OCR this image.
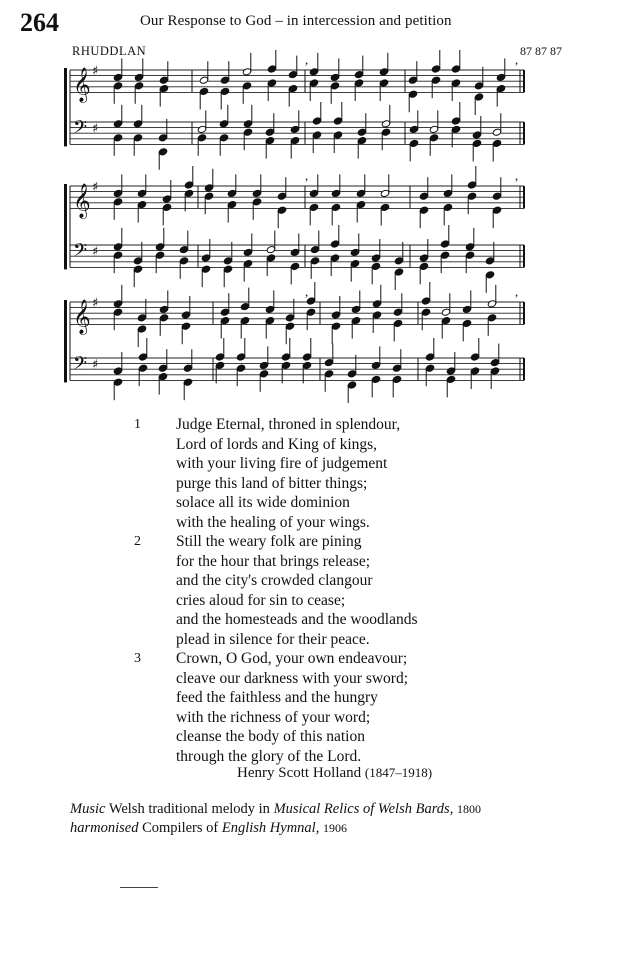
264	Our Response to God – in intercession and petition
RHUDDLAN	87 87 87
𝄞 ♯
𝄢 ♯
,	,
𝄞 ♯
𝄢 ♯
,	,
𝄞 ♯
𝄢 ♯
,	,
1 Judge Eternal, throned in splendour,
Lord of lords and King of kings,
with your living fire of judgement
purge this land of bitter things;
solace all its wide dominion
with the healing of your wings.
2 Still the weary folk are pining
for the hour that brings release;
and the city's crowded clangour
cries aloud for sin to cease;
and the homesteads and the woodlands
plead in silence for their peace.
3 Crown, O God, your own endeavour;
cleave our darkness with your sword;
feed the faithless and the hungry
with the richness of your word;
cleanse the body of this nation
through the glory of the Lord.
Henry Scott Holland (1847–1918)
Music Welsh traditional melody in Musical Relics of Welsh Bards, 1800
harmonised Compilers of English Hymnal, 1906
